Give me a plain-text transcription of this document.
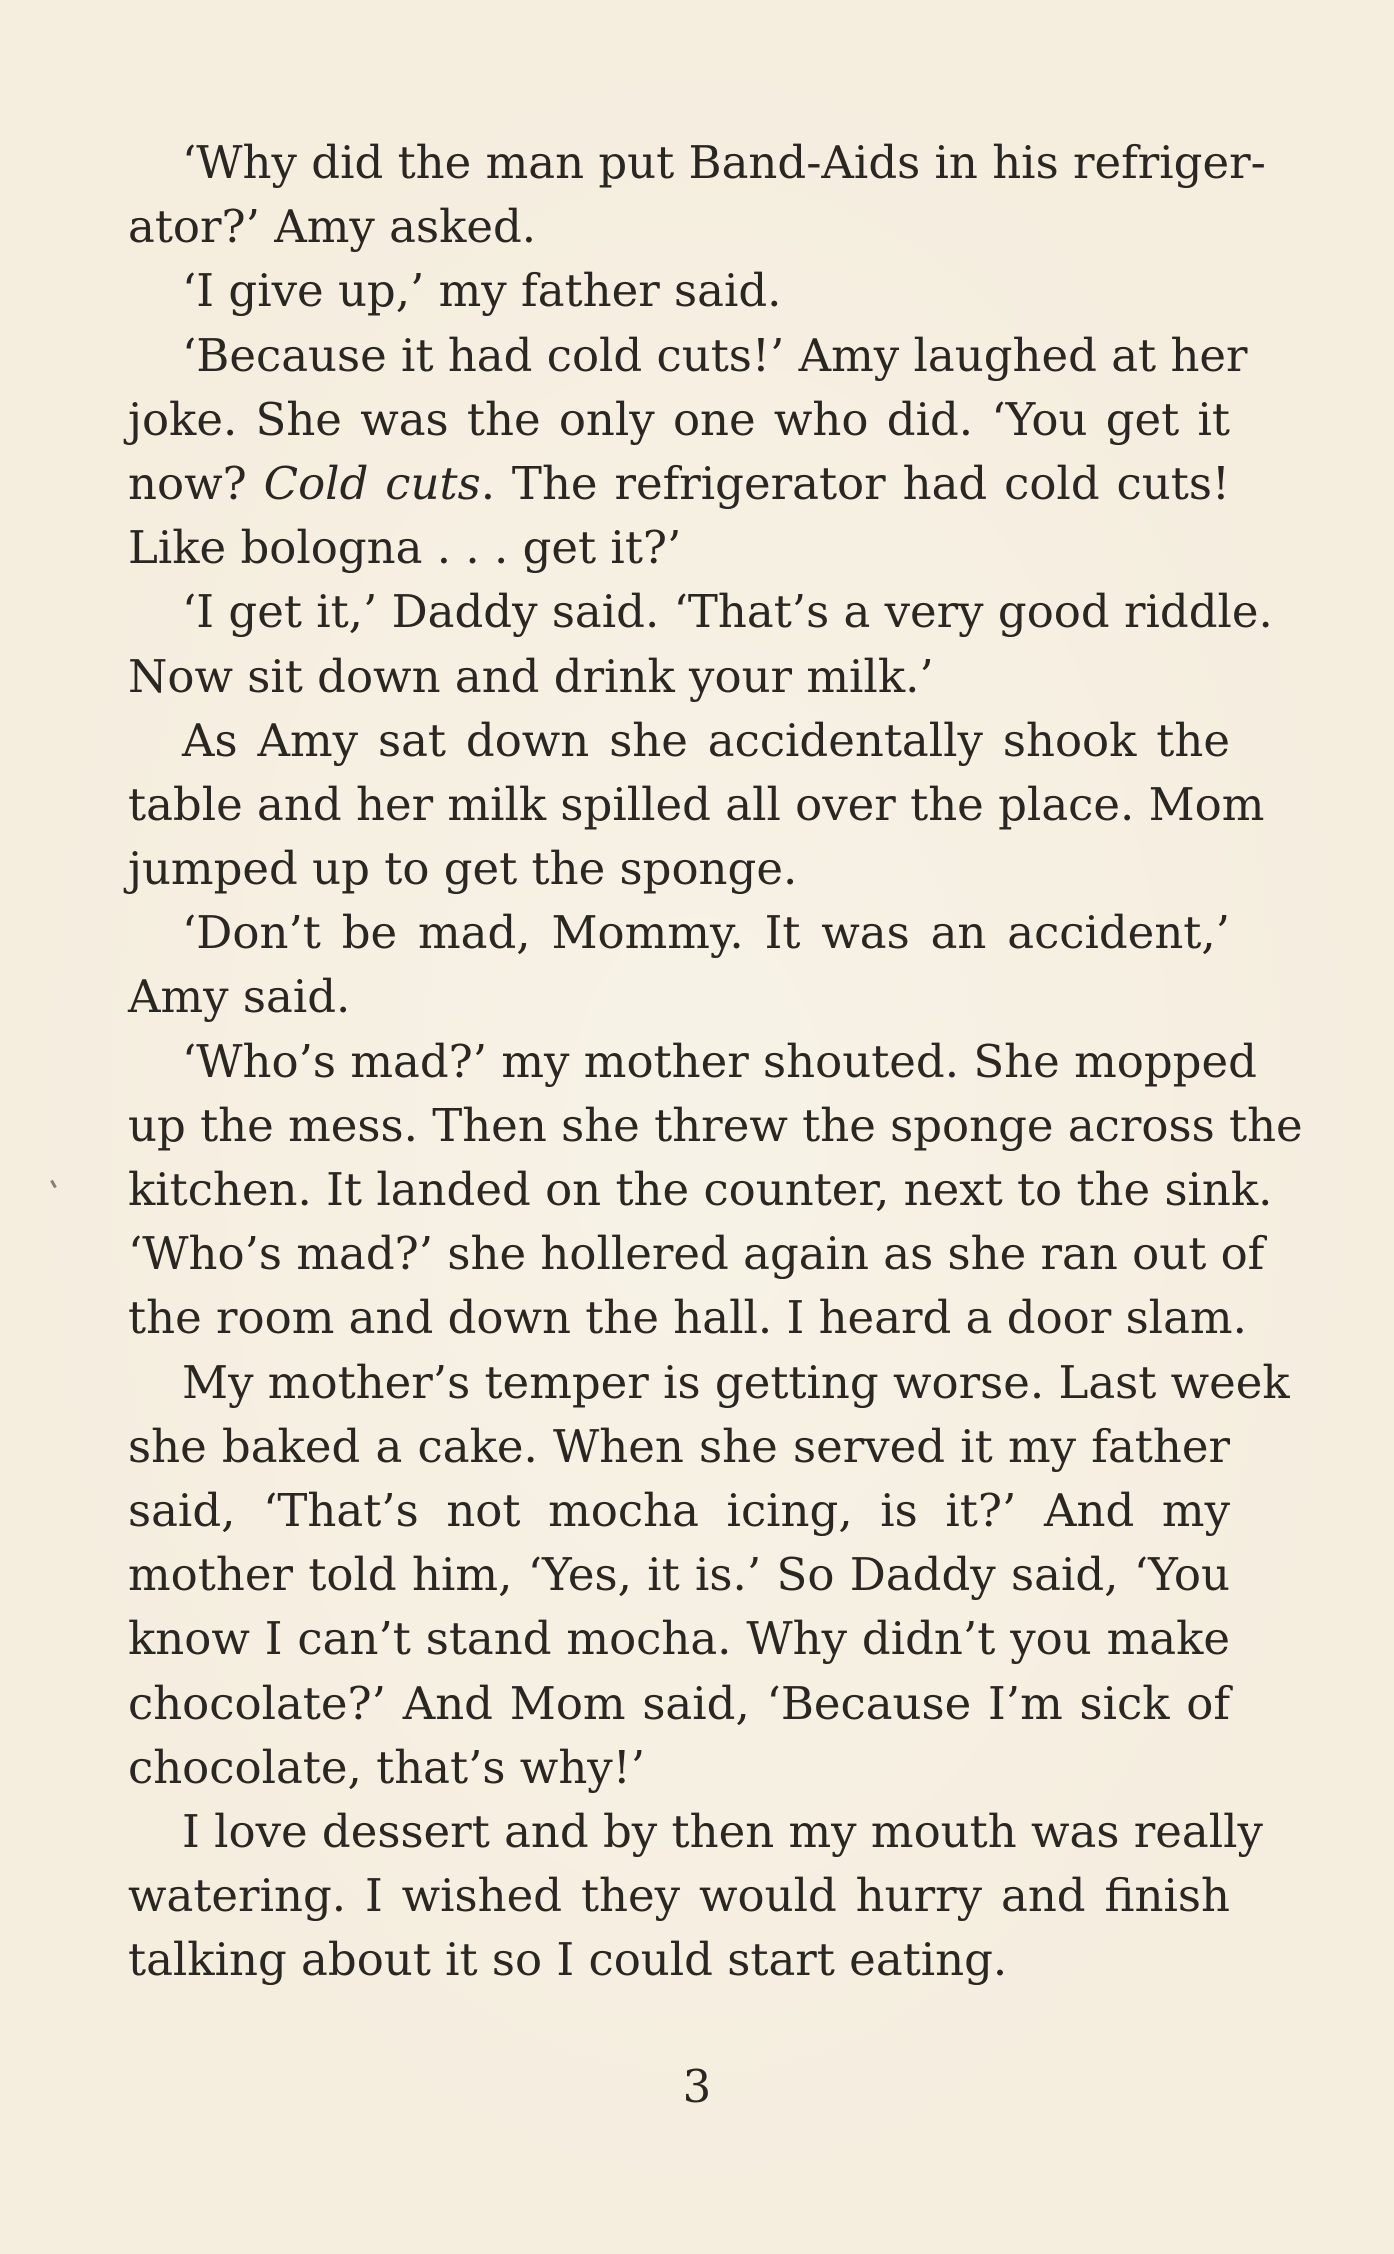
‘Why did the man put Band-Aids in his refriger-
ator?’ Amy asked.
‘I give up,’ my father said.
‘Because it had cold cuts!’ Amy laughed at her
joke. She was the only one who did. ‘You get it
now? Cold cuts. The refrigerator had cold cuts!
Like bologna . . . get it?’
‘I get it,’ Daddy said. ‘That’s a very good riddle.
Now sit down and drink your milk.’
As Amy sat down she accidentally shook the
table and her milk spilled all over the place. Mom
jumped up to get the sponge.
‘Don’t be mad, Mommy. It was an accident,’
Amy said.
‘Who’s mad?’ my mother shouted. She mopped
up the mess. Then she threw the sponge across the
kitchen. It landed on the counter, next to the sink.
‘Who’s mad?’ she hollered again as she ran out of
the room and down the hall. I heard a door slam.
My mother’s temper is getting worse. Last week
she baked a cake. When she served it my father
said, ‘That’s not mocha icing, is it?’ And my
mother told him, ‘Yes, it is.’ So Daddy said, ‘You
know I can’t stand mocha. Why didn’t you make
chocolate?’ And Mom said, ‘Because I’m sick of
chocolate, that’s why!’
I love dessert and by then my mouth was really
watering. I wished they would hurry and finish
talking about it so I could start eating.
3
